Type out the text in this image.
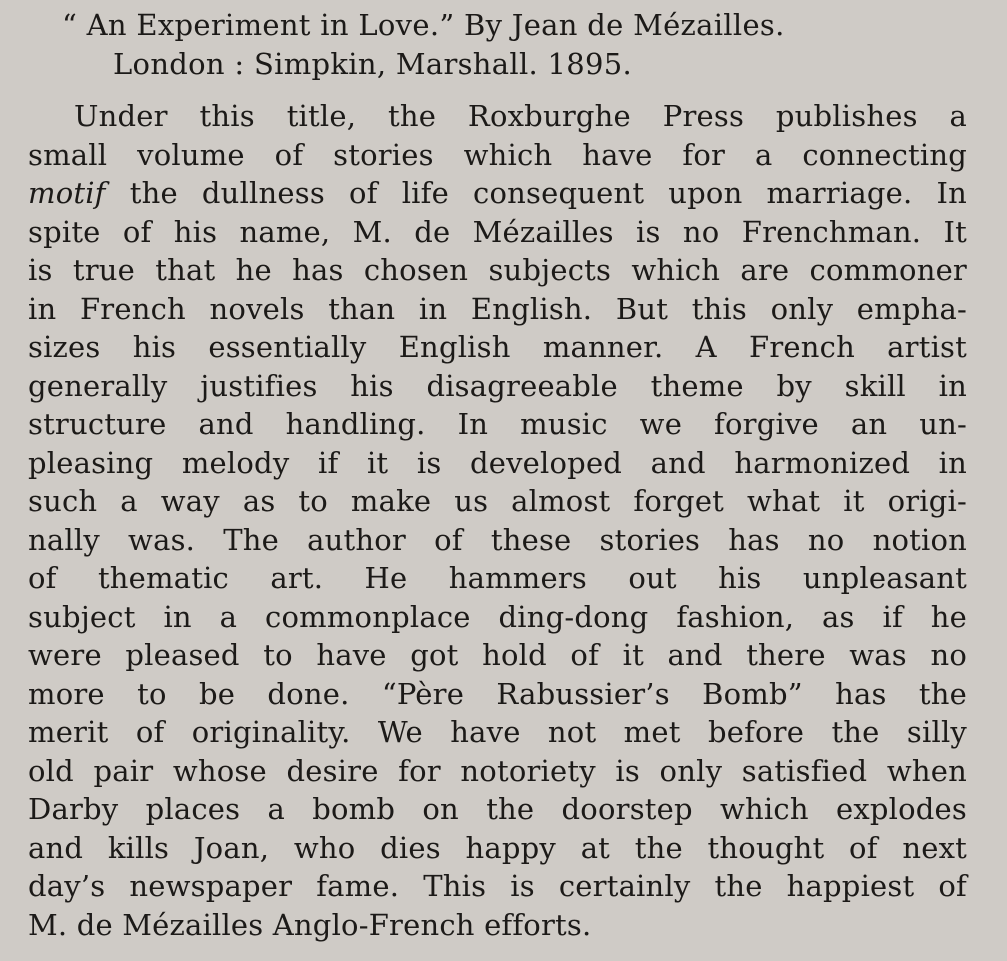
“ An Experiment in Love.” By Jean de Mézailles.
London : Simpkin, Marshall. 1895.
Under this title, the Roxburghe Press publishes a
small volume of stories which have for a connecting
motif the dullness of life consequent upon marriage. In
spite of his name, M. de Mézailles is no Frenchman. It
is true that he has chosen subjects which are commoner
in French novels than in English. But this only empha-
sizes his essentially English manner. A French artist
generally justifies his disagreeable theme by skill in
structure and handling. In music we forgive an un-
pleasing melody if it is developed and harmonized in
such a way as to make us almost forget what it origi-
nally was. The author of these stories has no notion
of thematic art. He hammers out his unpleasant
subject in a commonplace ding-dong fashion, as if he
were pleased to have got hold of it and there was no
more to be done. “Père Rabussier’s Bomb” has the
merit of originality. We have not met before the silly
old pair whose desire for notoriety is only satisfied when
Darby places a bomb on the doorstep which explodes
and kills Joan, who dies happy at the thought of next
day’s newspaper fame. This is certainly the happiest of
M. de Mézailles Anglo-French efforts.
